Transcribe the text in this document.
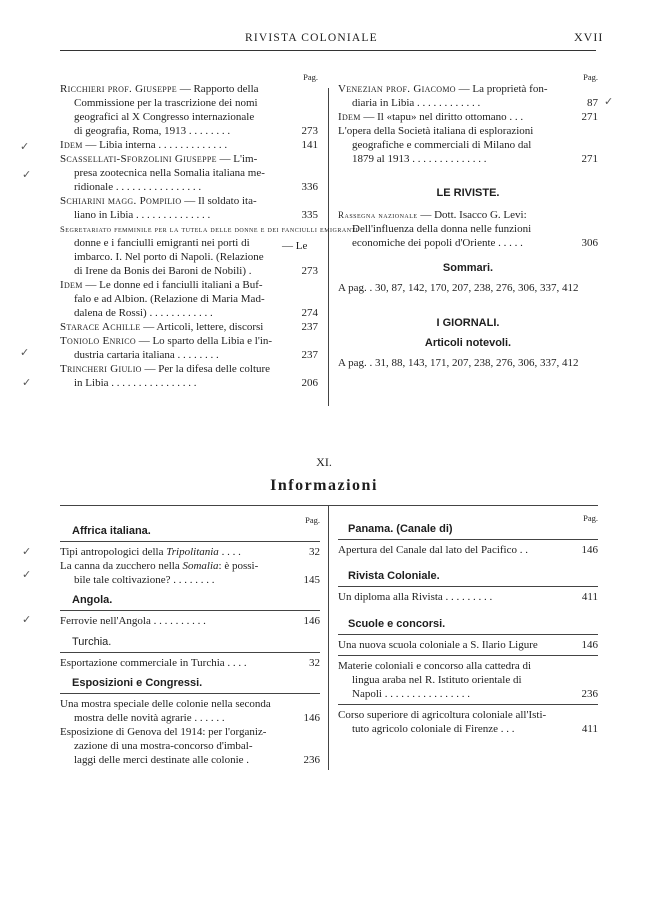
RIVISTA COLONIALE	XVII
Pag.
Ricchieri prof. Giuseppe — Rapporto della
Commissione per la trascrizione dei nomi
geografici al X Congresso internazionale
di geografia, Roma, 1913 . . . . . . . .	273
Idem — Libia interna . . . . . . . . . . . . .	141
Scassellati-Sforzolini Giuseppe — L'im-
presa zootecnica nella Somalia italiana me-
ridionale . . . . . . . . . . . . . . . .	336
Schiarini magg. Pompilio — Il soldato ita-
liano in Libia . . . . . . . . . . . . . .	335
Segretariato femminile per la tutela delle donne e dei fanciulli emigranti
donne e i fanciulli emigranti nei porti di
imbarco. I. Nel porto di Napoli. (Relazione
di Irene da Bonis dei Baroni de Nobili) .	273
Idem — Le donne ed i fanciulli italiani a Buf-
falo e ad Albion. (Relazione di Maria Mad-
dalena de Rossi) . . . . . . . . . . . .	274
Starace Achille — Articoli, lettere, discorsi	237
Toniolo Enrico — Lo sparto della Libia e l'in-
dustria cartaria italiana . . . . . . . .	237
Trincheri Giulio — Per la difesa delle colture
in Libia . . . . . . . . . . . . . . . .	206
— Le
Pag.
Venezian prof. Giacomo — La proprietà fon-
diaria in Libia . . . . . . . . . . . .	87
Idem — Il «tapu» nel diritto ottomano . . .	271
L'opera della Società italiana di esplorazioni
geografiche e commerciali di Milano dal
1879 al 1913 . . . . . . . . . . . . . .	271
LE RIVISTE.
Rassegna nazionale — Dott. Isacco G. Levi:
Dell'influenza della donna nelle funzioni
economiche dei popoli d'Oriente . . . . .	306
Sommari.
A pag. . 30, 87, 142, 170, 207, 238, 276, 306, 337, 412
I GIORNALI.
Articoli notevoli.
A pag. . 31, 88, 143, 171, 207, 238, 276, 306, 337, 412
XI.
Informazioni
Pag.
Affrica italiana.
Tipi antropologici della Tripolitania . . . .	32
La canna da zucchero nella Somalia: è possi-
bile tale coltivazione? . . . . . . . .	145
Angola.
Ferrovie nell'Angola . . . . . . . . . .	146
Turchia.
Esportazione commerciale in Turchia . . . .	32
Esposizioni e Congressi.
Una mostra speciale delle colonie nella seconda
mostra delle novità agrarie . . . . . .	146
Esposizione di Genova del 1914: per l'organiz-
zazione di una mostra-concorso d'imbal-
laggi delle merci destinate alle colonie .	236
Pag.
Panama. (Canale di)
Apertura del Canale dal lato del Pacifico . .	146
Rivista Coloniale.
Un diploma alla Rivista . . . . . . . . .	411
Scuole e concorsi.
Una nuova scuola coloniale a S. Ilario Ligure	146
Materie coloniali e concorso alla cattedra di
lingua araba nel R. Istituto orientale di
Napoli . . . . . . . . . . . . . . . .	236
Corso superiore di agricoltura coloniale all'Isti-
tuto agricolo coloniale di Firenze . . .	411
✓
✓
✓
✓
✓
✓
✓
✓
